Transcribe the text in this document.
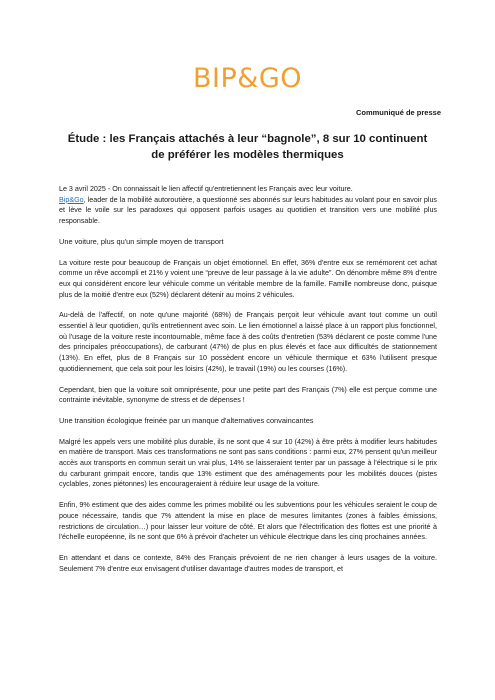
BIP&GO
Communiqué de presse
Étude : les Français attachés à leur “bagnole”, 8 sur 10 continuent
de préférer les modèles thermiques

Le 3 avril 2025 - On connaissait le lien affectif qu'entretiennent les Français avec leur voiture.
Bip&Go, leader de la mobilité autoroutière, a questionné ses abonnés sur leurs habitudes au volant pour en savoir plus et lève le voile sur les paradoxes qui opposent parfois usages au quotidien et transition vers une mobilité plus responsable.

Une voiture, plus qu'un simple moyen de transport

La voiture reste pour beaucoup de Français un objet émotionnel. En effet, 36% d'entre eux se remémorent cet achat comme un rêve accompli et 21% y voient une “preuve de leur passage à la vie adulte”. On dénombre même 8% d'entre eux qui considèrent encore leur véhicule comme un véritable membre de la famille. Famille nombreuse donc, puisque plus de la moitié d'entre eux (52%) déclarent détenir au moins 2 véhicules.

Au-delà de l'affectif, on note qu'une majorité (68%) de Français perçoit leur véhicule avant tout comme un outil essentiel à leur quotidien, qu'ils entretiennent avec soin. Le lien émotionnel a laissé place à un rapport plus fonctionnel, où l'usage de la voiture reste incontournable, même face à des coûts d'entretien (53% déclarent ce poste comme l'une des principales préoccupations), de carburant (47%) de plus en plus élevés et face aux difficultés de stationnement (13%). En effet, plus de 8 Français sur 10 possèdent encore un véhicule thermique et 63% l'utilisent presque quotidiennement, que cela soit pour les loisirs (42%), le travail (19%) ou les courses (16%).

Cependant, bien que la voiture soit omniprésente, pour une petite part des Français (7%) elle est perçue comme une contrainte inévitable, synonyme de stress et de dépenses !

Une transition écologique freinée par un manque d'alternatives convaincantes

Malgré les appels vers une mobilité plus durable, ils ne sont que 4 sur 10 (42%) à être prêts à modifier leurs habitudes en matière de transport. Mais ces transformations ne sont pas sans conditions : parmi eux, 27% pensent qu'un meilleur accès aux transports en commun serait un vrai plus, 14% se laisseraient tenter par un passage à l'électrique si le prix du carburant grimpait encore, tandis que 13% estiment que des aménagements pour les mobilités douces (pistes cyclables, zones piétonnes) les encourageraient à réduire leur usage de la voiture.

Enfin, 9% estiment que des aides comme les primes mobilité ou les subventions pour les véhicules seraient le coup de pouce nécessaire, tandis que 7% attendent la mise en place de mesures limitantes (zones à faibles émissions, restrictions de circulation…) pour laisser leur voiture de côté. Et alors que l'électrification des flottes est une priorité à l'échelle européenne, ils ne sont que 6% à prévoir d'acheter un véhicule électrique dans les cinq prochaines années.

En attendant et dans ce contexte, 84% des Français prévoient de ne rien changer à leurs usages de la voiture. Seulement 7% d'entre eux envisagent d'utiliser davantage d'autres modes de transport, et
